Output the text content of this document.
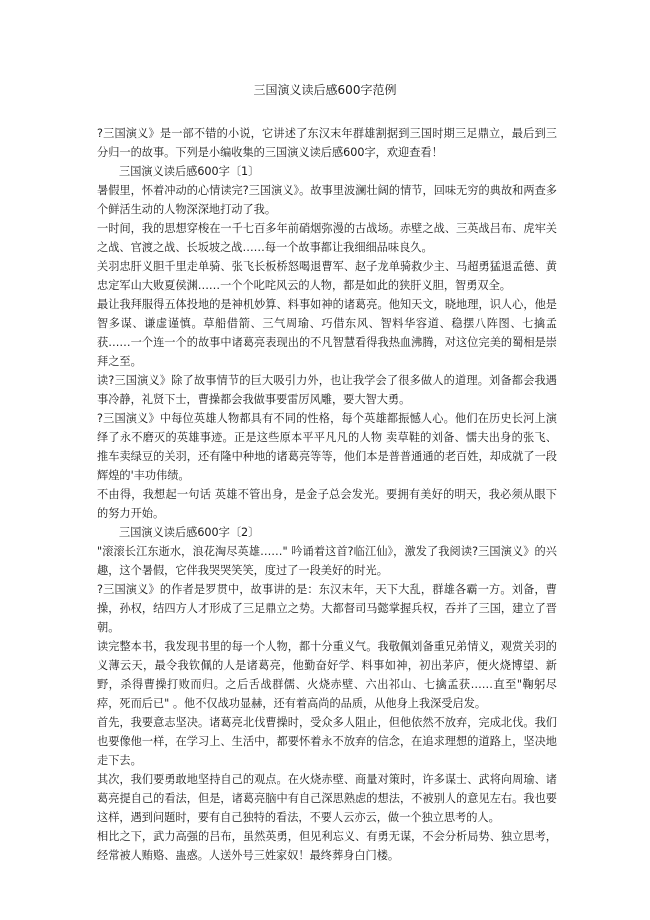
三国演义读后感600字范例

?三国演义》是一部不错的小说，它讲述了东汉末年群雄割据到三国时期三足鼎立，最后到三分归一的故事。下列是小编收集的三国演义读后感600字，欢迎查看！

三国演义读后感600字〔1〕

暑假里，怀着冲动的心情读完?三国演义》。故事里波澜壮阔的情节，回味无穷的典故和两查多个鲜活生动的人物深深地打动了我。

一时间，我的思想穿梭在一千七百多年前硝烟弥漫的古战场。赤壁之战、三英战吕布、虎牢关之战、官渡之战、长坂坡之战……每一个故事都让我细细品味良久。

关羽忠肝义胆千里走单骑、张飞长板桥怒喝退曹军、赵子龙单骑救少主、马超勇猛退孟德、黄忠定军山大败夏侯渊……一个个叱咤风云的人物，都是如此的狭肝义胆，智勇双全。

最让我拜服得五体投地的是神机妙算、料事如神的诸葛亮。他知天文，晓地理，识人心，他是智多谋、谦虚谨慎。草船借箭、三气周瑜、巧借东风、智料华容道、稳摆八阵图、七擒孟获……一个连一个的故事中诸葛亮表现出的不凡智慧看得我热血沸腾，对这位完美的蜀相是崇拜之至。

读?三国演义》除了故事情节的巨大吸引力外，也让我学会了很多做人的道理。刘备都会我遇事冷静，礼贤下士，曹操都会我做事要雷厉风雕，要大智大勇。

?三国演义》中每位英雄人物都具有不同的性格，每个英雄都振憾人心。他们在历史长河上演绎了永不磨灭的英雄事迹。正是这些原本平平凡凡的人物 卖草鞋的刘备、懦夫出身的张飞、推车卖绿豆的关羽，还有隆中种地的诸葛亮等等，他们本是普普通通的老百姓，却成就了一段辉煌的'丰功伟绩。

不由得，我想起一句话 英雄不管出身，是金子总会发光。要拥有美好的明天，我必须从眼下的努力开始。

三国演义读后感600字〔2〕

"滚滚长江东逝水，浪花淘尽英雄……" 吟诵着这首?临江仙》，激发了我阅读?三国演义》的兴趣，这个暑假，它伴我哭哭笑笑，度过了一段美好的时光。

?三国演义》的作者是罗贯中，故事讲的是：东汉末年，天下大乱，群雄各霸一方。刘备，曹操，孙权，结四方人才形成了三足鼎立之势。大都督司马懿掌握兵权，吞并了三国，建立了晋朝。

读完整本书，我发现书里的每一个人物，都十分重义气。我敬佩刘备重兄弟情义，观赏关羽的义薄云天，最令我钦佩的人是诸葛亮，他勤奋好学、料事如神，初出茅庐，便火烧博望、新野，杀得曹操打败而归。之后舌战群儒、火烧赤壁、六出祁山、七擒孟获……直至"鞠躬尽瘁，死而后已" 。他不仅战功显赫，还有着高尚的品质，从他身上我深受启发。

首先，我要意志坚决。诸葛亮北伐曹操时，受众多人阻止，但他依然不放弃，完成北伐。我们也要像他一样，在学习上、生活中，都要怀着永不放弃的信念，在追求理想的道路上，坚决地走下去。

其次，我们要勇敢地坚持自己的观点。在火烧赤壁、商量对策时，许多谋士、武将向周瑜、诸葛亮提自己的看法，但是，诸葛亮脑中有自己深思熟虑的想法，不被别人的意见左右。我也要这样，遇到问题时，要有自己独特的看法，不要人云亦云，做一个独立思考的人。

相比之下，武力高强的吕布，虽然英勇，但见利忘义、有勇无谋，不会分析局势、独立思考，经常被人贿赂、蛊惑。人送外号三姓家奴！最终葬身白门楼。
